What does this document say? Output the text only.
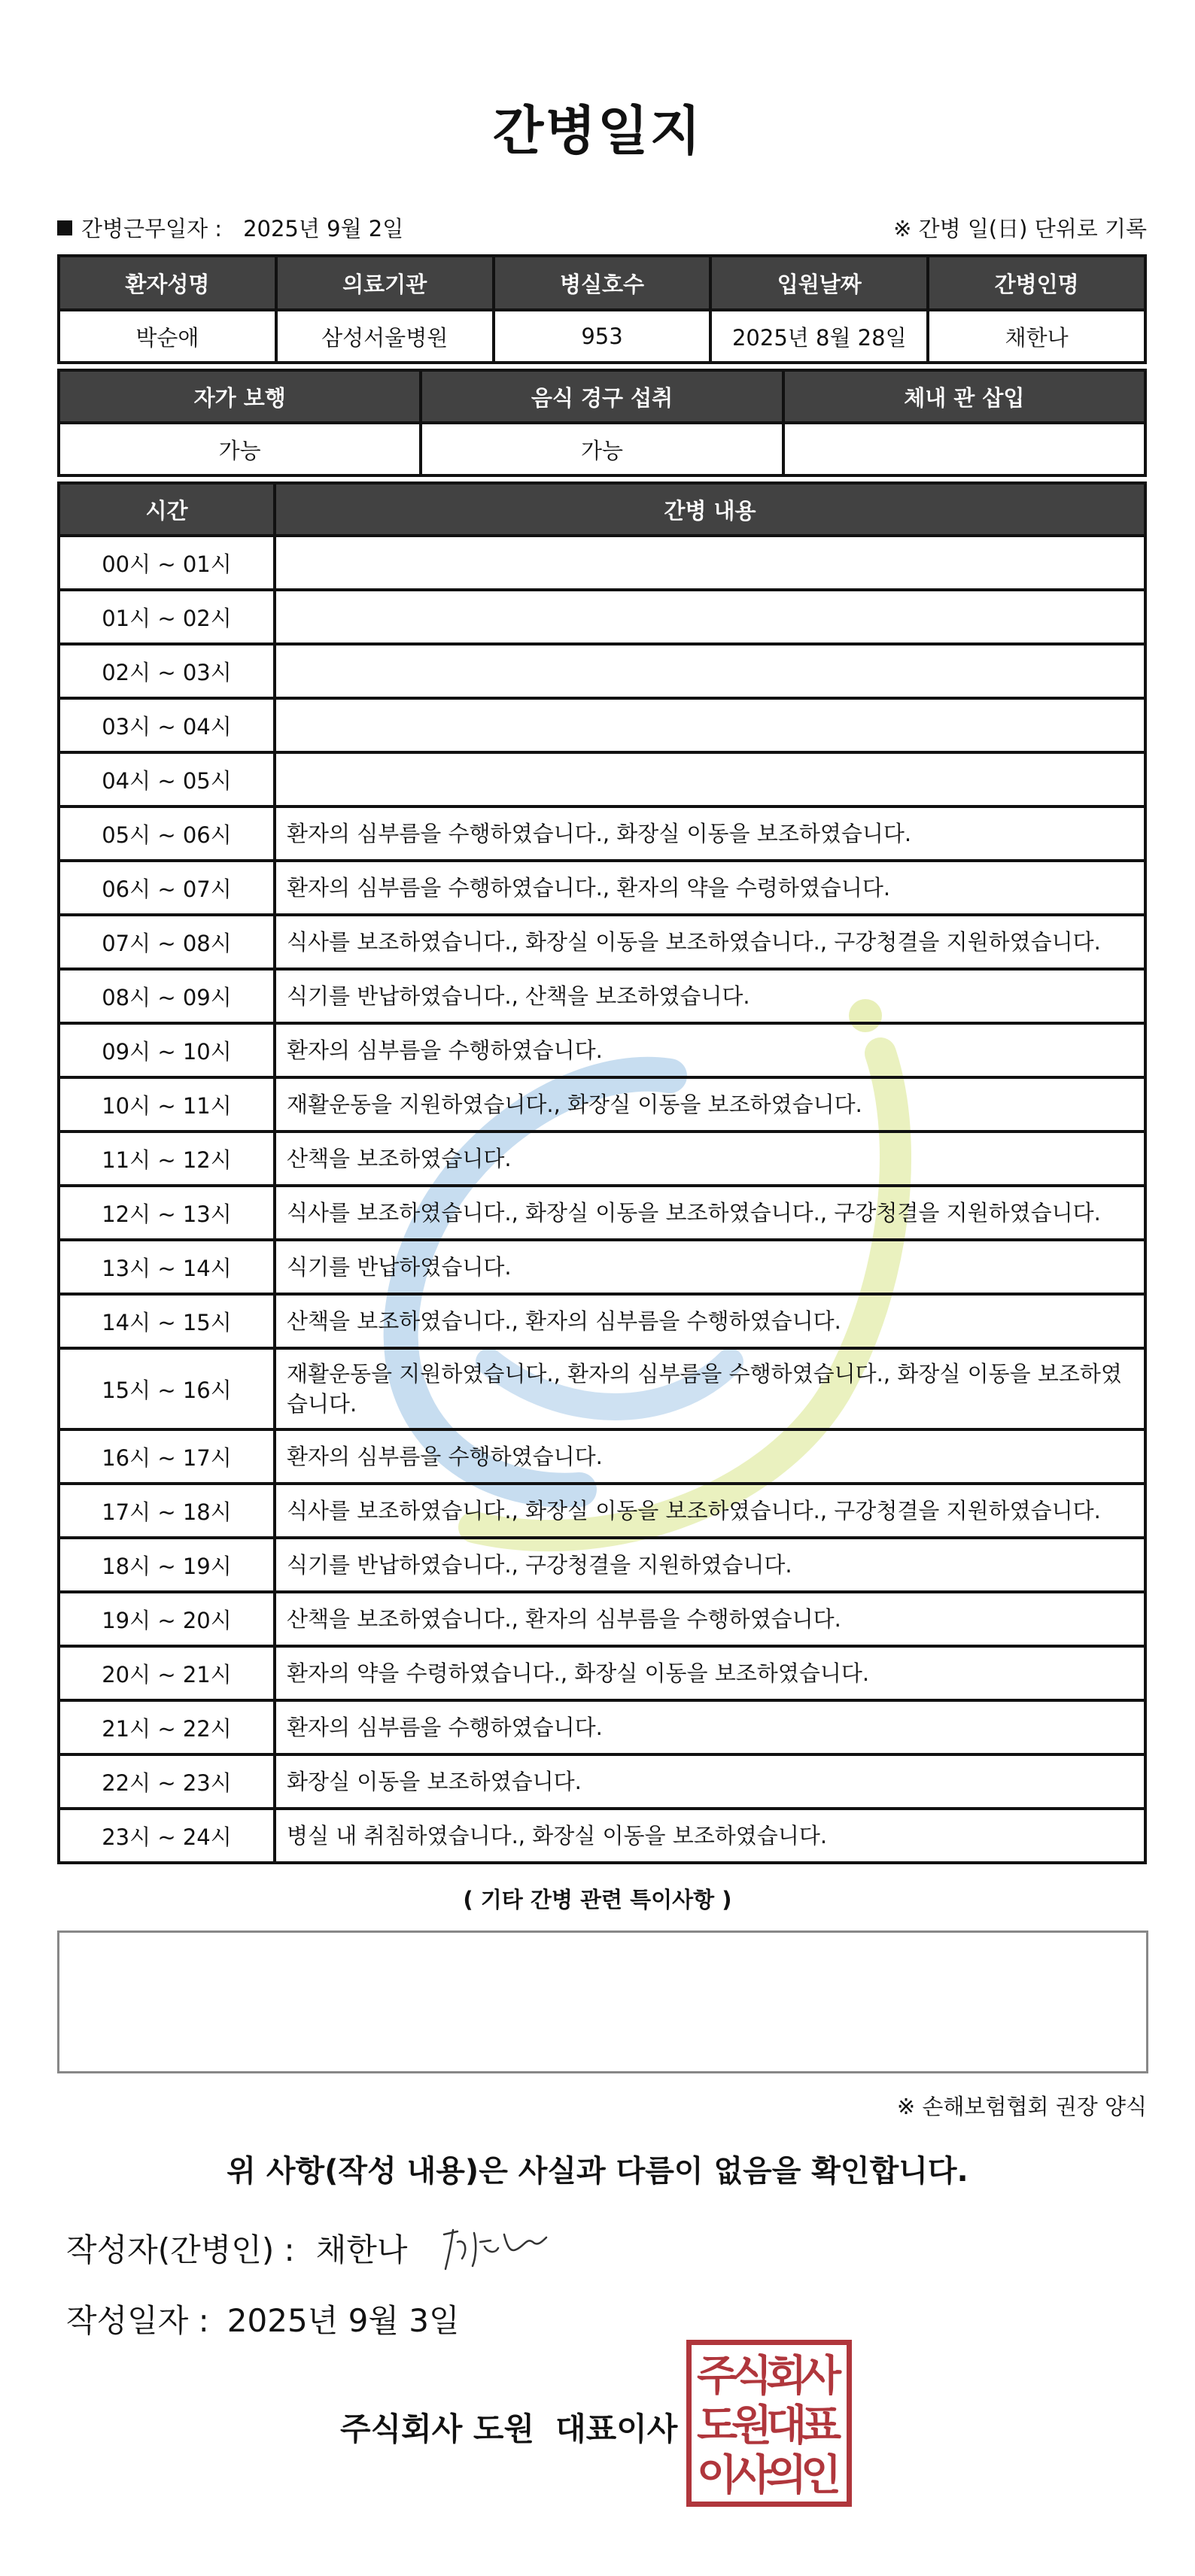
간병일지
간병근무일자 : 2025년 9월 2일	※ 간병 일(日) 단위로 기록
환자성명	의료기관	병실호수	입원날짜	간병인명
박순애	삼성서울병원	953	2025년 8월 28일	채한나
자가 보행	음식 경구 섭취	체내 관 삽입
가능	가능	
시간	간병 내용
00시 ~ 01시	
01시 ~ 02시	
02시 ~ 03시	
03시 ~ 04시	
04시 ~ 05시	
05시 ~ 06시	환자의 심부름을 수행하였습니다., 화장실 이동을 보조하였습니다.
06시 ~ 07시	환자의 심부름을 수행하였습니다., 환자의 약을 수령하였습니다.
07시 ~ 08시	식사를 보조하였습니다., 화장실 이동을 보조하였습니다., 구강청결을 지원하였습니다.
08시 ~ 09시	식기를 반납하였습니다., 산책을 보조하였습니다.
09시 ~ 10시	환자의 심부름을 수행하였습니다.
10시 ~ 11시	재활운동을 지원하였습니다., 화장실 이동을 보조하였습니다.
11시 ~ 12시	산책을 보조하였습니다.
12시 ~ 13시	식사를 보조하였습니다., 화장실 이동을 보조하였습니다., 구강청결을 지원하였습니다.
13시 ~ 14시	식기를 반납하였습니다.
14시 ~ 15시	산책을 보조하였습니다., 환자의 심부름을 수행하였습니다.
15시 ~ 16시	재활운동을 지원하였습니다., 환자의 심부름을 수행하였습니다., 화장실 이동을 보조하였습니다.
16시 ~ 17시	환자의 심부름을 수행하였습니다.
17시 ~ 18시	식사를 보조하였습니다., 화장실 이동을 보조하였습니다., 구강청결을 지원하였습니다.
18시 ~ 19시	식기를 반납하였습니다., 구강청결을 지원하였습니다.
19시 ~ 20시	산책을 보조하였습니다., 환자의 심부름을 수행하였습니다.
20시 ~ 21시	환자의 약을 수령하였습니다., 화장실 이동을 보조하였습니다.
21시 ~ 22시	환자의 심부름을 수행하였습니다.
22시 ~ 23시	화장실 이동을 보조하였습니다.
23시 ~ 24시	병실 내 취침하였습니다., 화장실 이동을 보조하였습니다.
( 기타 간병 관련 특이사항 )
※ 손해보험협회 권장 양식
위 사항(작성 내용)은 사실과 다름이 없음을 확인합니다.
작성자(간병인) : 채한나
작성일자 : 2025년 9월 3일
주식회사 도원 대표이사
주
식
회
사
도
원
대
표
이
사
의
인
